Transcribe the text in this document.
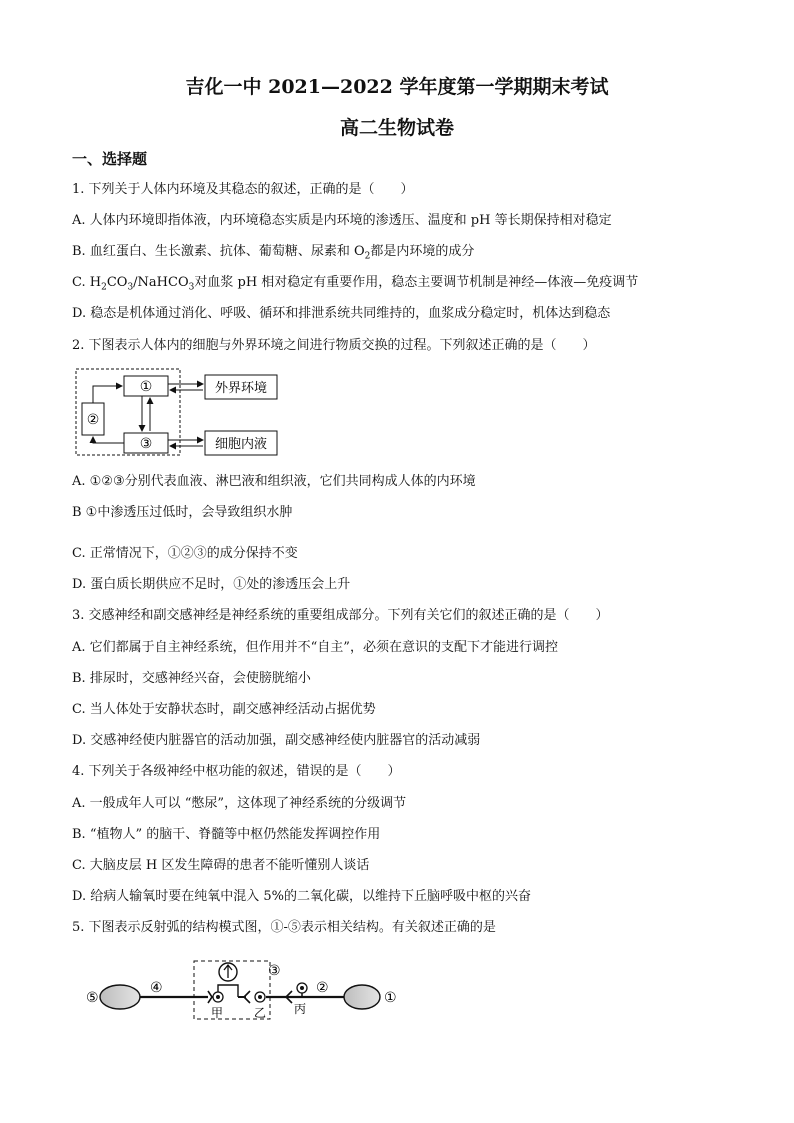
吉化一中 2021—2022 学年度第一学期期末考试
高二生物试卷
一、选择题
1. 下列关于人体内环境及其稳态的叙述，正确的是（　　）
A. 人体内环境即指体液，内环境稳态实质是内环境的渗透压、温度和 pH 等长期保持相对稳定
B. 血红蛋白、生长激素、抗体、葡萄糖、尿素和 $O_2$都是内环境的成分
C. $H_2CO_3/NaHCO_3$对血浆 pH 相对稳定有重要作用，稳态主要调节机制是神经—体液—免疫调节
D. 稳态是机体通过消化、呼吸、循环和排泄系统共同维持的，血浆成分稳定时，机体达到稳态
2. 下图表示人体内的细胞与外界环境之间进行物质交换的过程。下列叙述正确的是（　　）
①
②
③
外界环境
细胞内液
A. ①②③分别代表血液、淋巴液和组织液，它们共同构成人体的内环境
B ①中渗透压过低时，会导致组织水肿
C. 正常情况下，①②③的成分保持不变
D. 蛋白质长期供应不足时，①处的渗透压会上升
3. 交感神经和副交感神经是神经系统的重要组成部分。下列有关它们的叙述正确的是（　　）
A. 它们都属于自主神经系统，但作用并不“自主”，必须在意识的支配下才能进行调控
B. 排尿时，交感神经兴奋，会使膀胱缩小
C. 当人体处于安静状态时，副交感神经活动占据优势
D. 交感神经使内脏器官的活动加强，副交感神经使内脏器官的活动减弱
4. 下列关于各级神经中枢功能的叙述，错误的是（　　）
A. 一般成年人可以 “憋尿”，这体现了神经系统的分级调节
B. “植物人” 的脑干、脊髓等中枢仍然能发挥调控作用
C. 大脑皮层 H 区发生障碍的患者不能听懂别人谈话
D. 给病人输氧时要在纯氧中混入 5%的二氧化碳，以维持下丘脑呼吸中枢的兴奋
5. 下图表示反射弧的结构模式图，①-⑤表示相关结构。有关叙述正确的是
⑤
④
③
甲	乙 丙
②
①
